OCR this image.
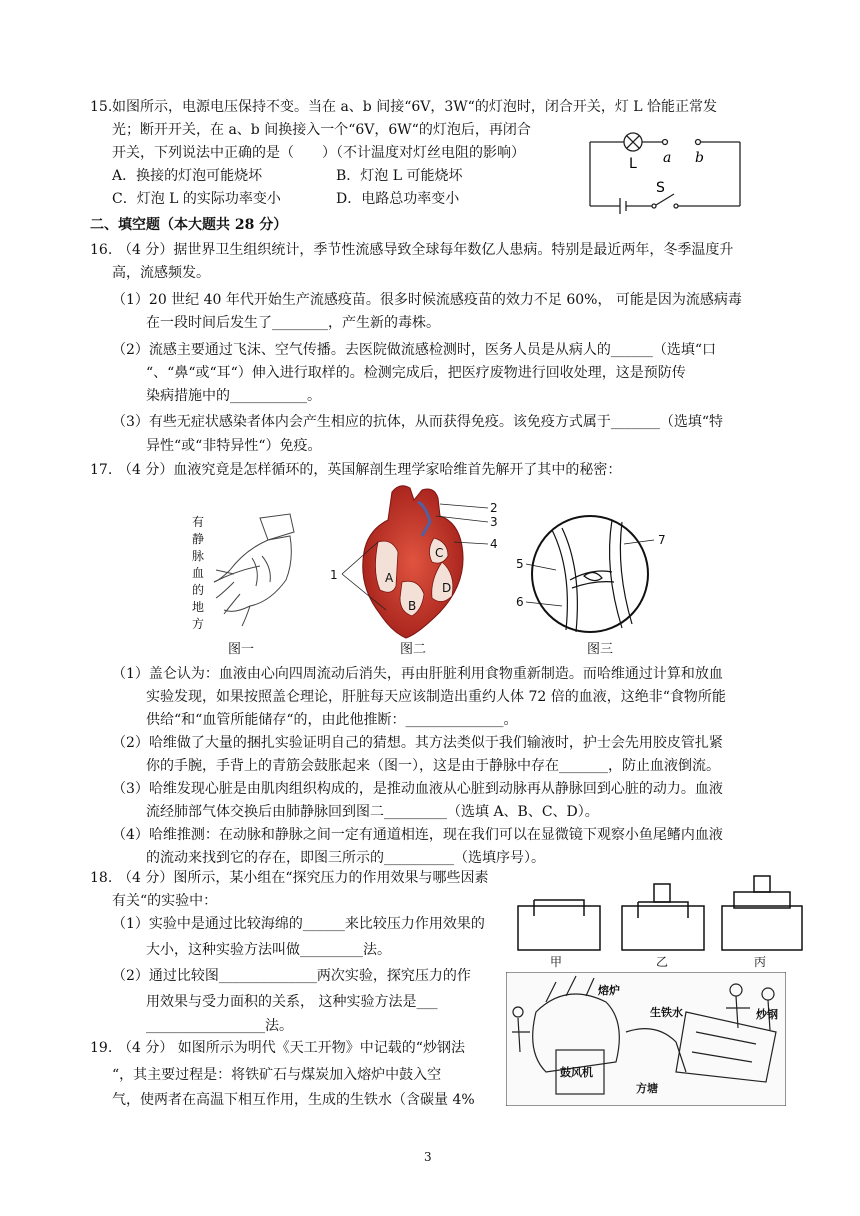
15. 如图所示，电源电压保持不变。当在 a、b 间接“6V，3W“的灯泡时，闭合开关，灯 L 恰能正常发
光；断开开关，在 a、b 间换接入一个“6V，6W“的灯泡后，再闭合
开关，下列说法中正确的是（　　）（不计温度对灯丝电阻的影响）
A．换接的灯泡可能烧坏	B．灯泡 L 可能烧坏
C．灯泡 L 的实际功率变小	D．电路总功率变小
L a b
S
二、填空题（本大题共 28 分）
16. （4 分）据世界卫生组织统计，季节性流感导致全球每年数亿人患病。特别是最近两年，冬季温度升
高，流感频发。
（1）20 世纪 40 年代开始生产流感疫苗。很多时候流感疫苗的效力不足 60%， 可能是因为流感病毒
在一段时间后发生了________，产生新的毒株。
（2）流感主要通过飞沫、空气传播。去医院做流感检测时，医务人员是从病人的______（选填“口
“、“鼻“或“耳“）伸入进行取样的。检测完成后，把医疗废物进行回收处理，这是预防传
染病措施中的___________。
（3）有些无症状感染者体内会产生相应的抗体，从而获得免疫。该免疫方式属于_______（选填“特
异性“或“非特异性“）免疫。
17. （4 分）血液究竟是怎样循环的，英国解剖生理学家哈维首先解开了其中的秘密：
有
静
脉
血
的
地
方
图一
1
2
3
4
A
B
C
D
图二
5
6
7
图三
（1）盖仑认为：血液由心向四周流动后消失，再由肝脏利用食物重新制造。而哈维通过计算和放血
实验发现，如果按照盖仑理论，肝脏每天应该制造出重约人体 72 倍的血液，这绝非“食物所能
供给“和“血管所能储存“的，由此他推断：______________。
（2）哈维做了大量的捆扎实验证明自己的猜想。其方法类似于我们输液时，护士会先用胶皮管扎紧
你的手腕，手背上的青筋会鼓胀起来（图一），这是由于静脉中存在_______，防止血液倒流。
（3）哈维发现心脏是由肌肉组织构成的，是推动血液从心脏到动脉再从静脉回到心脏的动力。血液
流经肺部气体交换后由肺静脉回到图二_________（选填 A、B、C、D）。
（4）哈维推测：在动脉和静脉之间一定有通道相连，现在我们可以在显微镜下观察小鱼尾鳍内血液
的流动来找到它的存在，即图三所示的__________（选填序号）。
18. （4 分）图所示，某小组在“探究压力的作用效果与哪些因素
有关“的实验中：
（1）实验中是通过比较海绵的______来比较压力作用效果的
大小，这种实验方法叫做_________法。
（2）通过比较图______________两次实验，探究压力的作
用效果与受力面积的关系， 这种实验方法是___
_________________法。
甲	乙	丙
19. （4 分） 如图所示为明代《天工开物》中记载的“炒钢法
“，其主要过程是：将铁矿石与煤炭加入熔炉中鼓入空
气，使两者在高温下相互作用，生成的生铁水（含碳量 4%
熔炉
生铁水	炒钢
鼓风机
方塘
3
